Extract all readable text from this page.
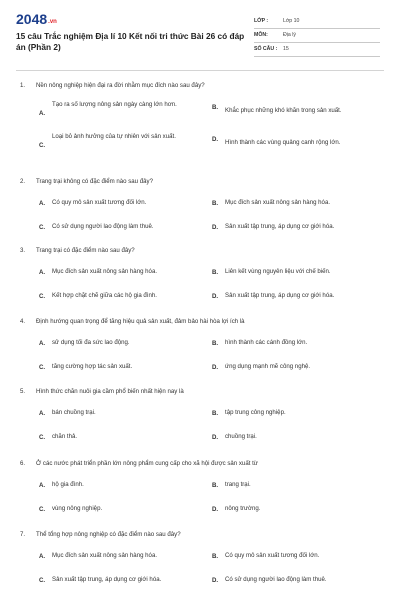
2048.vn
15 câu Trắc nghiệm Địa lí 10 Kết nối tri thức Bài 26 có đáp án (Phần 2)
LỚP :	Lớp 10
MÔN:	Địa lý
SỐ CÂU : 15
1. Nền nông nghiệp hiện đại ra đời nhằm mục đích nào sau đây?
A.
Tạo ra số lượng nông sản ngày càng lớn hơn.	B. Khắc phục những khó khăn trong sản xuất.
C.
Loại bỏ ảnh hưởng của tự nhiên với sản xuất.	D. Hình thành các vùng quảng canh rộng lớn.
2. Trang trại không có đặc điểm nào sau đây?
A. Có quy mô sản xuất tương đối lớn.	B. Mục đích sản xuất nông sản hàng hóa.
C. Có sử dụng người lao động làm thuê.	D. Sản xuất tập trung, áp dụng cơ giới hóa.
3. Trang trại có đặc điểm nào sau đây?
A. Mục đích sản xuất nông sản hàng hóa.	B. Liên kết vùng nguyên liệu với chế biến.
C. Kết hợp chặt chẽ giữa các hộ gia đình.	D. Sản xuất tập trung, áp dụng cơ giới hóa.
4. Định hướng quan trọng để tăng hiệu quả sản xuất, đảm bảo hài hòa lợi ích là
A. sử dụng tối đa sức lao động.	B. hình thành các cánh đồng lớn.
C. tăng cường hợp tác sản xuất.	D. ứng dụng mạnh mẽ công nghệ.
5. Hình thức chăn nuôi gia cầm phổ biến nhất hiện nay là
A. bán chuồng trại.	B. tập trung công nghiệp.
C. chăn thả.	D. chuồng trại.
6. Ở các nước phát triển phần lớn nông phẩm cung cấp cho xã hội được sản xuất từ
A. hộ gia đình.	B. trang trại.
C. vùng nông nghiệp.	D. nông trường.
7. Thể tổng hợp nông nghiệp có đặc điểm nào sau đây?
A. Mục đích sản xuất nông sản hàng hóa.	B. Có quy mô sản xuất tương đối lớn.
C. Sản xuất tập trung, áp dụng cơ giới hóa.	D. Có sử dụng người lao động làm thuê.
